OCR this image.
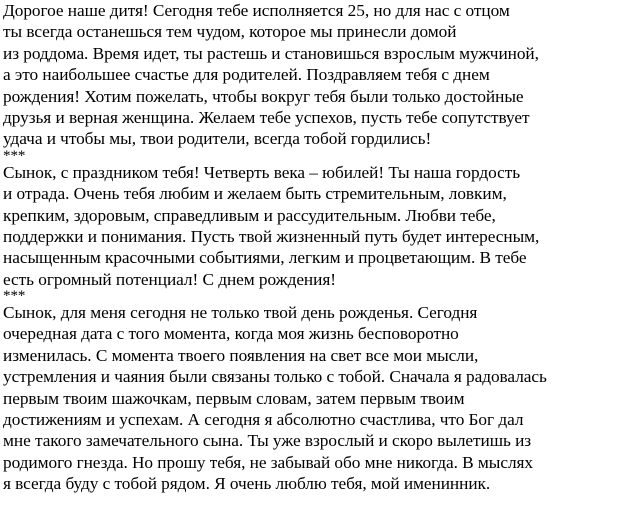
Дорогое наше дитя! Сегодня тебе исполняется 25, но для нас с отцом
ты всегда останешься тем чудом, которое мы принесли домой
из роддома. Время идет, ты растешь и становишься взрослым мужчиной,
а это наибольшее счастье для родителей. Поздравляем тебя с днем
рождения! Хотим пожелать, чтобы вокруг тебя были только достойные
друзья и верная женщина. Желаем тебе успехов, пусть тебе сопутствует
удача и чтобы мы, твои родители, всегда тобой гордились!
***
Сынок, с праздником тебя! Четверть века – юбилей! Ты наша гордость
и отрада. Очень тебя любим и желаем быть стремительным, ловким,
крепким, здоровым, справедливым и рассудительным. Любви тебе,
поддержки и понимания. Пусть твой жизненный путь будет интересным,
насыщенным красочными событиями, легким и процветающим. В тебе
есть огромный потенциал! С днем рождения!
***
Сынок, для меня сегодня не только твой день рожденья. Сегодня
очередная дата с того момента, когда моя жизнь бесповоротно
изменилась. С момента твоего появления на свет все мои мысли,
устремления и чаяния были связаны только с тобой. Сначала я радовалась
первым твоим шажочкам, первым словам, затем первым твоим
достижениям и успехам. А сегодня я абсолютно счастлива, что Бог дал
мне такого замечательного сына. Ты уже взрослый и скоро вылетишь из
родимого гнезда. Но прошу тебя, не забывай обо мне никогда. В мыслях
я всегда буду с тобой рядом. Я очень люблю тебя, мой именинник.
